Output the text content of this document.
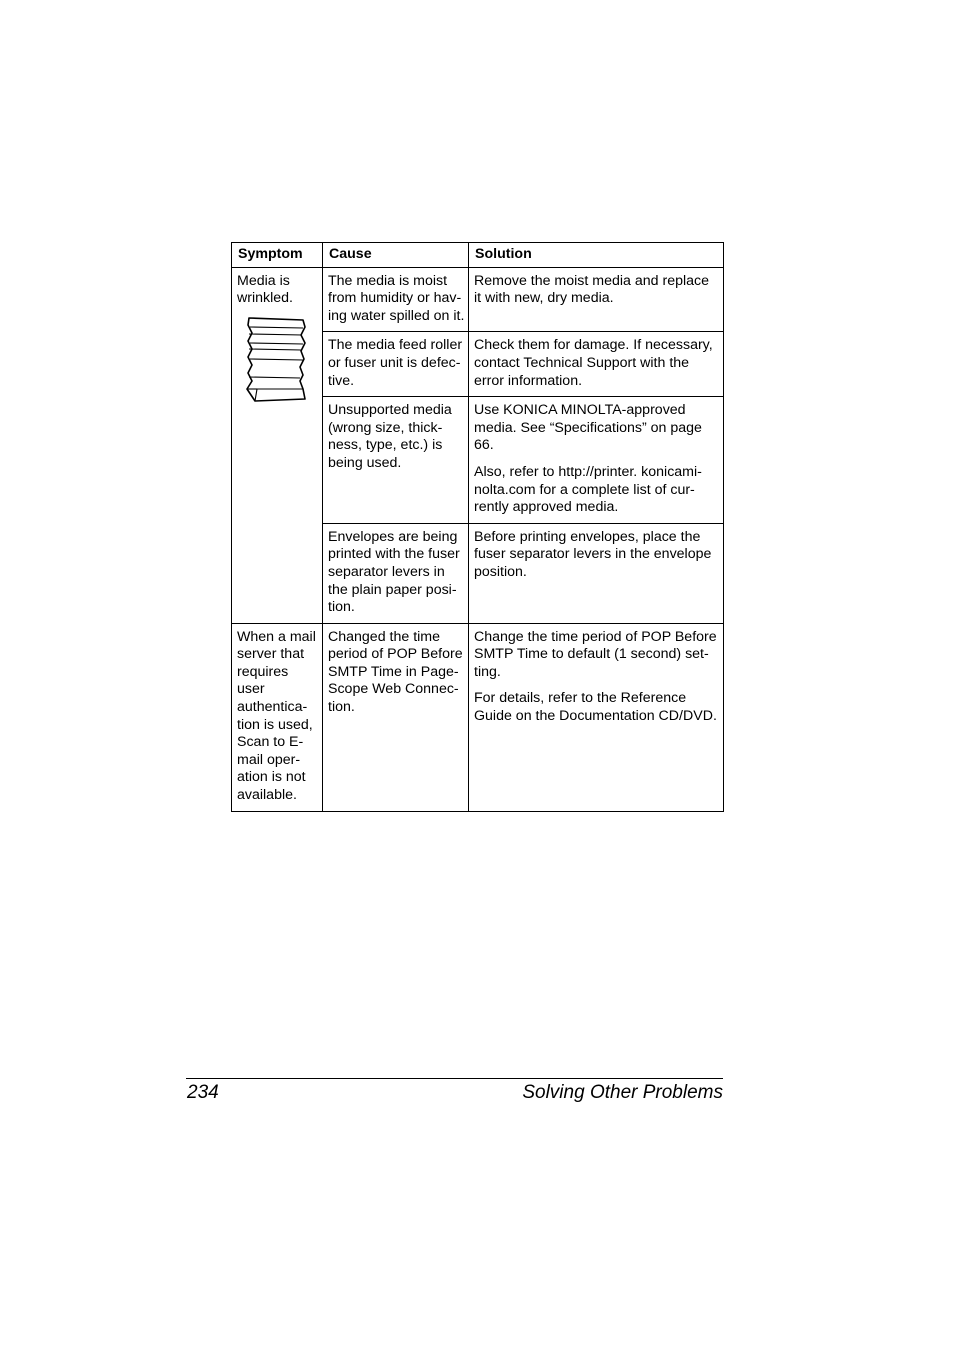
Symptom	Cause	Solution

Media is wrinkled.	The media is moist from humidity or hav-ing water spilled on it.	Remove the moist media and replace it with new, dry media.

	The media feed roller or fuser unit is defec-tive.	Check them for damage. If necessary, contact Technical Support with the error information.

	Unsupported media (wrong size, thick-ness, type, etc.) is being used.	Use KONICA MINOLTA-approved media. See “Specifications” on page 66.
Also, refer to http://printer. konicami-nolta.com for a complete list of cur-rently approved media.

	Envelopes are being printed with the fuser separator levers in the plain paper posi-tion.	Before printing envelopes, place the fuser separator levers in the envelope position.

When a mail server that requires user authentica-tion is used, Scan to E-mail oper-ation is not available.	Changed the time period of POP Before SMTP Time in Page-Scope Web Connec-tion.	Change the time period of POP Before SMTP Time to default (1 second) set-ting.
For details, refer to the Reference Guide on the Documentation CD/DVD.
234	Solving Other Problems
